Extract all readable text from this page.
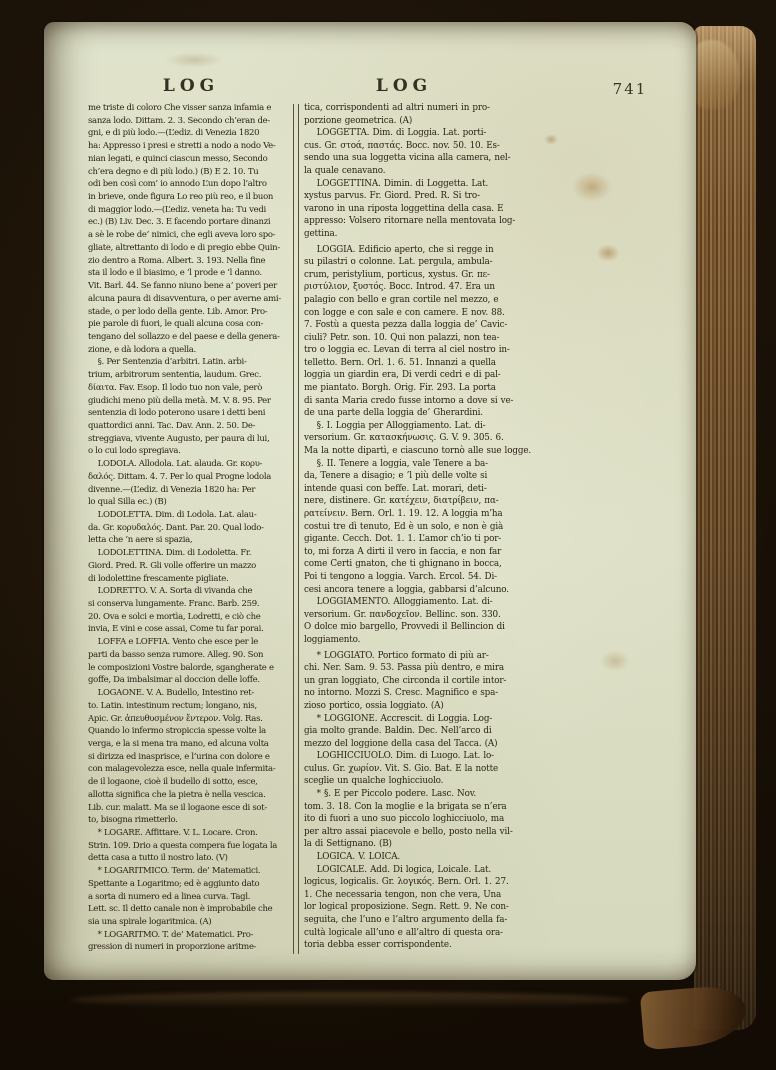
LOG	LOG	741
me triste di coloro Che visser sanza infamia e
sanza lodo. Dittam. 2. 3. Secondo ch’eran de-
gni, e di più lodo.—(L’ediz. di Venezia 1820
ha: Appresso i presi e stretti a nodo a nodo Ve-
nian legati, e quinci ciascun messo, Secondo
ch’era degno e di più lodo.) (B) E 2. 10. Tu
odi ben così com’ io annodo L’un dopo l’altro
in brieve, onde figura Lo reo più reo, e il buon
di maggior lodo.—(L’ediz. veneta ha: Tu vedi
ec.) (B) Liv. Dec. 3. E facendo portare dinanzi
a sè le robe de’ nimici, che egli aveva loro spo-
gliate, altrettanto di lodo e di pregio ebbe Quin-
zio dentro a Roma. Albert. 3. 193. Nella fine
sta il lodo e il biasimo, e ’l prode e ’l danno.
Vit. Barl. 44. Se fanno niuno bene a’ poveri per
alcuna paura di disavventura, o per averne ami-
stade, o per lodo della gente. Lib. Amor. Pro-
pie parole di fuori, le quali alcuna cosa con-
tengano del sollazzo e del paese e della genera-
zione, e dà lodora a quella.
§. Per Sentenzia d’arbitri. Latin. arbi-
trium, arbitrorum sententia, laudum. Grec.
δίαιτα. Fav. Esop. Il lodo tuo non vale, però
giudichi meno più della metà. M. V. 8. 95. Per
sentenzia di lodo poterono usare i detti beni
quattordici anni. Tac. Dav. Ann. 2. 50. De-
streggiava, vivente Augusto, per paura di lui,
o lo cui lodo spregiava.
LODOLA. Allodola. Lat. alauda. Gr. κορυ-
δαλός. Dittam. 4. 7. Per lo qual Progne lodola
divenne.—(L’ediz. di Venezia 1820 ha: Per
lo qual Silla ec.) (B)
LODOLETTA. Dim. di Lodola. Lat. alau-
da. Gr. κορυδαλός. Dant. Par. 20. Qual lodo-
letta che ’n aere si spazia,
LODOLETTINA. Dim. di Lodoletta. Fr.
Giord. Pred. R. Gli volle offerire un mazzo
di lodolettine frescamente pigliate.
LODRETTO. V. A. Sorta di vivanda che
si conserva lungamente. Franc. Barb. 259.
20. Ova e solci e mortìa, Lodretti, e ciò che
invia, E vini e cose assai, Come tu far porai.
LOFFA e LOFFIA. Vento che esce per le
parti da basso senza rumore. Alleg. 90. Son
le composizioni Vostre balorde, sgangherate e
goffe, Da imbalsimar al doccion delle loffe.
LOGAONE. V. A. Budello, Intestino ret-
to. Latin. intestinum rectum; longano, nis,
Apic. Gr. ἀπευθυσμένον ἔντερον. Volg. Ras.
Quando lo infermo stropiccia spesse volte la
verga, e la si mena tra mano, ed alcuna volta
si dirizza ed inasprisce, e l’urina con dolore e
con malagevolezza esce, nella quale infermita-
de il logaone, cioè il budello di sotto, esce,
allotta significa che la pietra è nella vescica.
Lib. cur. malatt. Ma se il logaone esce di sot-
to, bisogna rimetterlo.
* LOGARE. Affittare. V. L. Locare. Cron.
Strin. 109. Drio a questa compera fue logata la
detta casa a tutto il nostro lato. (V)
* LOGARITMICO. Term. de’ Matematici.
Spettante a Logaritmo; ed è aggiunto dato
a sorta di numero ed a linea curva. Tagl.
Lett. sc. Il detto canale non è improbabile che
sia una spirale logaritmica. (A)
* LOGARITMO. T. de’ Matematici. Pro-
gression di numeri in proporzione aritme-
tica, corrispondenti ad altri numeri in pro-
porzione geometrica. (A)
LOGGETTA. Dim. di Loggia. Lat. porti-
cus. Gr. στοά, παστάς. Bocc. nov. 50. 10. Es-
sendo una sua loggetta vicina alla camera, nel-
la quale cenavano.
LOGGETTINA. Dimin. di Loggetta. Lat.
xystus parvus. Fr. Giord. Pred. R. Si tro-
varono in una riposta loggettina della casa. E
appresso: Volsero ritornare nella mentovata log-
gettina.
LOGGIA. Edificio aperto, che si regge in
su pilastri o colonne. Lat. pergula, ambula-
crum, peristylium, porticus, xystus. Gr. πε-
ριστύλιον, ξυστός. Bocc. Introd. 47. Era un
palagio con bello e gran cortile nel mezzo, e
con logge e con sale e con camere. E nov. 88.
7. Fostù a questa pezza dalla loggia de’ Cavic-
ciuli? Petr. son. 10. Qui non palazzi, non tea-
tro o loggia ec. Levan di terra al ciel nostro in-
telletto. Bern. Orl. 1. 6. 51. Innanzi a quella
loggia un giardin era, Di verdi cedri e di pal-
me piantato. Borgh. Orig. Fir. 293. La porta
di santa Maria credo fusse intorno a dove si ve-
de una parte della loggia de’ Gherardini.
§. I. Loggia per Alloggiamento. Lat. di-
versorium. Gr. κατασκήνωσις. G. V. 9. 305. 6.
Ma la notte dipartì, e ciascuno tornò alle sue logge.
§. II. Tenere a loggia, vale Tenere a ba-
da, Tenere a disagio; e ’l più delle volte si
intende quasi con beffe. Lat. morari, deti-
nere, distinere. Gr. κατέχειν, διατρίβειν, πα-
ρατείνειν. Bern. Orl. 1. 19. 12. A loggia m’ha
costui tre dì tenuto, Ed è un solo, e non è già
gigante. Cecch. Dot. 1. 1. L’amor ch’io ti por-
to, mi forza A dirti il vero in faccia, e non far
come Certi gnaton, che ti ghignano in bocca,
Poi ti tengono a loggia. Varch. Ercol. 54. Di-
cesi ancora tenere a loggia, gabbarsi d’alcuno.
LOGGIAMENTO. Alloggiamento. Lat. di-
versorium. Gr. πανδοχεῖον. Bellinc. son. 330.
O dolce mio bargello, Provvedi il Bellincion di
loggiamento.
* LOGGIATO. Portico formato di più ar-
chi. Ner. Sam. 9. 53. Passa più dentro, e mira
un gran loggiato, Che circonda il cortile intor-
no intorno. Mozzi S. Cresc. Magnifico e spa-
zioso portico, ossia loggiato. (A)
* LOGGIONE. Accrescit. di Loggia. Log-
gia molto grande. Baldin. Dec. Nell’arco di
mezzo del loggione della casa del Tacca. (A)
LOGHICCIUOLO. Dim. di Luogo. Lat. lo-
culus. Gr. χωρίον. Vit. S. Gio. Bat. E la notte
sceglie un qualche loghicciuolo.
* §. E per Piccolo podere. Lasc. Nov.
tom. 3. 18. Con la moglie e la brigata se n’era
ito di fuori a uno suo piccolo loghicciuolo, ma
per altro assai piacevole e bello, posto nella vil-
la di Settignano. (B)
LOGICA. V. LOICA.
LOGICALE. Add. Di logica, Loicale. Lat.
logicus, logicalis. Gr. λογικός. Bern. Orl. 1. 27.
1. Che necessaria tengon, non che vera, Una
lor logical proposizione. Segn. Rett. 9. Ne con-
seguita, che l’uno e l’altro argumento della fa-
cultà logicale all’uno e all’altro di questa ora-
toria debba esser corrispondente.
